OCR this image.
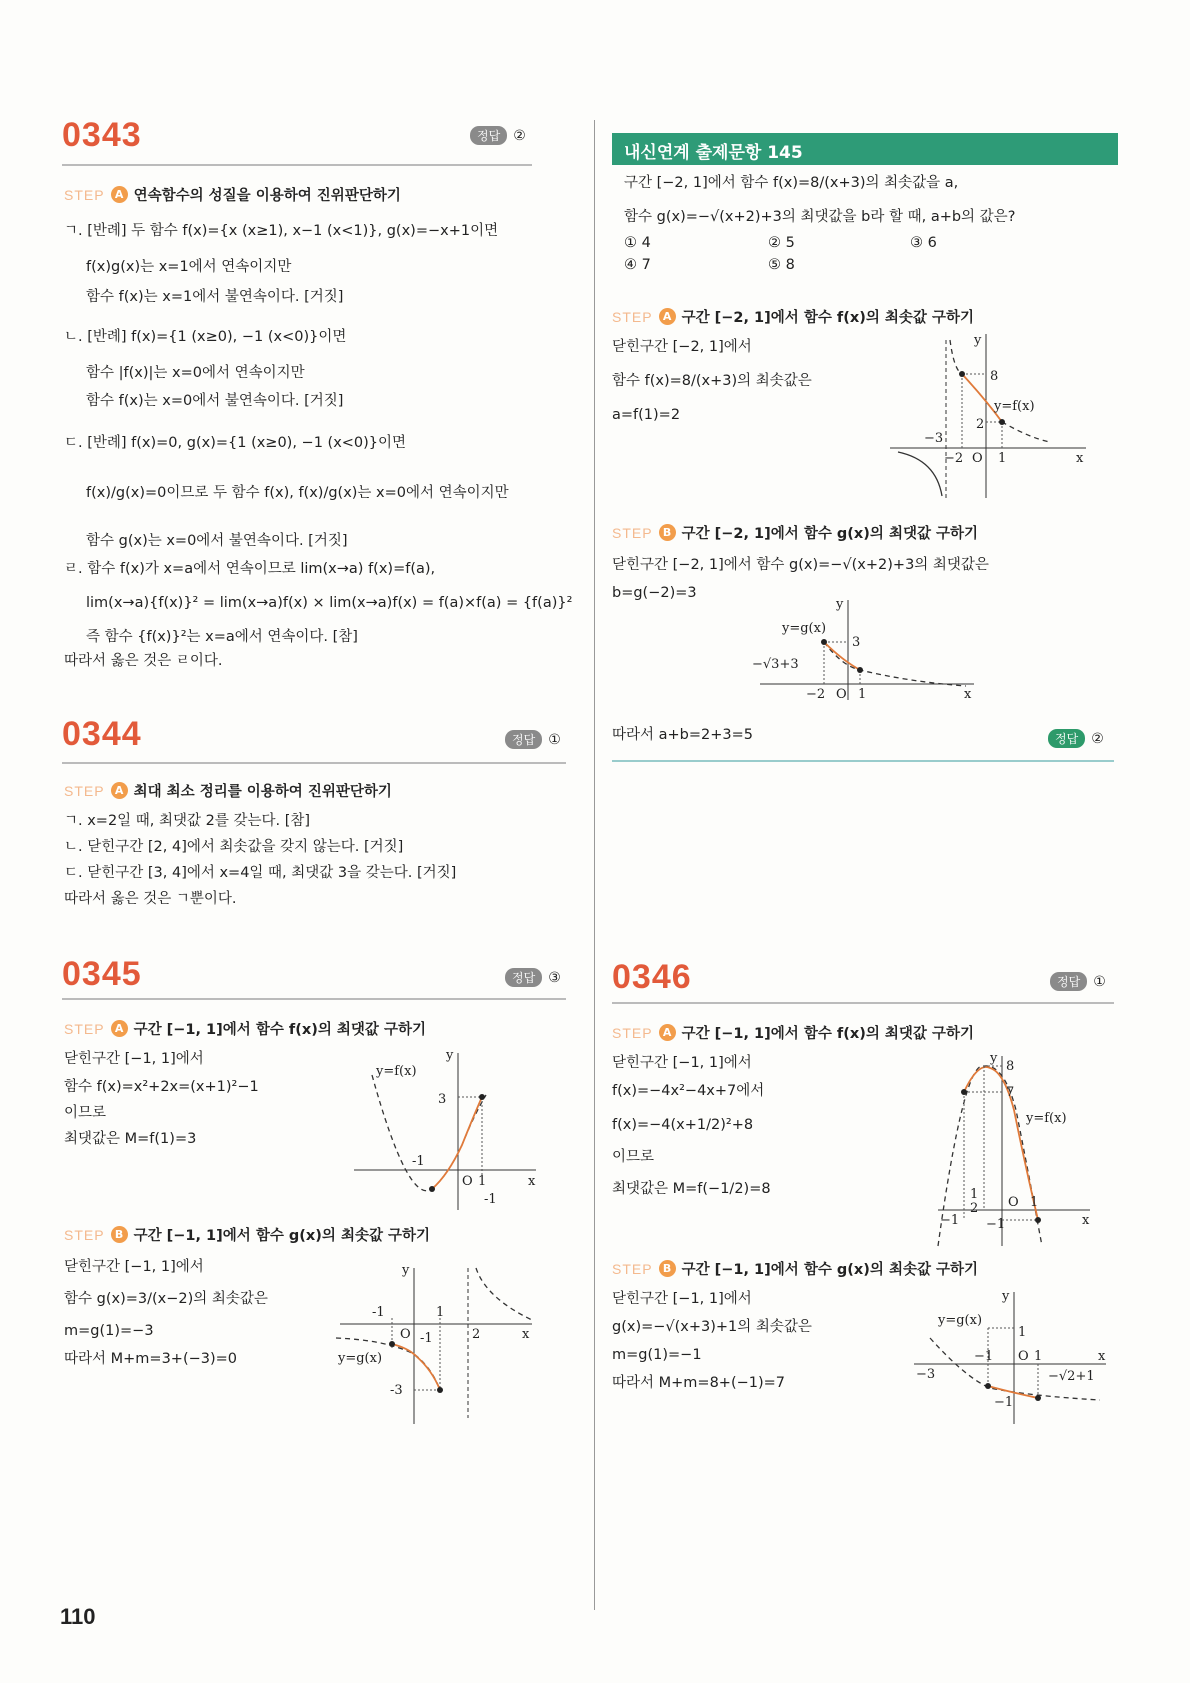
0343	정답 ②
STEP A 연속함수의 성질을 이용하여 진위판단하기
ㄱ. [반례] 두 함수 f(x)={x (x≥1), x−1 (x<1)}, g(x)=−x+1이면
f(x)g(x)는 x=1에서 연속이지만
함수 f(x)는 x=1에서 불연속이다. [거짓]
ㄴ. [반례] f(x)={1 (x≥0), −1 (x<0)}이면
함수 |f(x)|는 x=0에서 연속이지만
함수 f(x)는 x=0에서 불연속이다. [거짓]
ㄷ. [반례] f(x)=0, g(x)={1 (x≥0), −1 (x<0)}이면
f(x)/g(x)=0이므로 두 함수 f(x), f(x)/g(x)는 x=0에서 연속이지만
함수 g(x)는 x=0에서 불연속이다. [거짓]
ㄹ. 함수 f(x)가 x=a에서 연속이므로 lim(x→a) f(x)=f(a),
lim(x→a){f(x)}² = lim(x→a)f(x) × lim(x→a)f(x) = f(a)×f(a) = {f(a)}²
즉 함수 {f(x)}²는 x=a에서 연속이다. [참]
따라서 옳은 것은 ㄹ이다.
0344	정답 ①
STEP A 최대 최소 정리를 이용하여 진위판단하기
ㄱ. x=2일 때, 최댓값 2를 갖는다. [참]
ㄴ. 닫힌구간 [2, 4]에서 최솟값을 갖지 않는다. [거짓]
ㄷ. 닫힌구간 [3, 4]에서 x=4일 때, 최댓값 3을 갖는다. [거짓]
따라서 옳은 것은 ㄱ뿐이다.
0345	정답 ③
STEP A 구간 [−1, 1]에서 함수 f(x)의 최댓값 구하기
닫힌구간 [−1, 1]에서
함수 f(x)=x²+2x=(x+1)²−1
이므로
최댓값은 M=f(1)=3
y=f(x)
3
-1
1
-1
O	x
y
STEP B 구간 [−1, 1]에서 함수 g(x)의 최솟값 구하기
닫힌구간 [−1, 1]에서
함수 g(x)=3/(x−2)의 최솟값은
m=g(1)=−3
따라서 M+m=3+(−3)=0
-1	1
2
-1
-3
y=g(x)
O	x
y
110
내신연계 출제문항 145
구간 [−2, 1]에서 함수 f(x)=8/(x+3)의 최솟값을 a,
함수 g(x)=−√(x+2)+3의 최댓값을 b라 할 때, a+b의 값은?
① 4	② 5	③ 6
④ 7	⑤ 8
STEP A 구간 [−2, 1]에서 함수 f(x)의 최솟값 구하기
닫힌구간 [−2, 1]에서
함수 f(x)=8/(x+3)의 최솟값은
a=f(1)=2
8
2
−3
−2 O 1
y=f(x)
x
y
STEP B 구간 [−2, 1]에서 함수 g(x)의 최댓값 구하기
닫힌구간 [−2, 1]에서 함수 g(x)=−√(x+2)+3의 최댓값은
b=g(−2)=3
y=g(x)
3
−√3+3
−2 O 1	x
y
따라서 a+b=2+3=5	정답 ②
0346	정답 ①
STEP A 구간 [−1, 1]에서 함수 f(x)의 최댓값 구하기
닫힌구간 [−1, 1]에서
f(x)=−4x²−4x+7에서
f(x)=−4(x+1/2)²+8
이므로
최댓값은 M=f(−1/2)=8
8
7
y=f(x)
−1
1
2 O 1
−1	x
y
STEP B 구간 [−1, 1]에서 함수 g(x)의 최솟값 구하기
닫힌구간 [−1, 1]에서
g(x)=−√(x+3)+1의 최솟값은
m=g(1)=−1
따라서 M+m=8+(−1)=7
y=g(x)
1
−3
−1 O 1
−√2+1
−1
x
y
